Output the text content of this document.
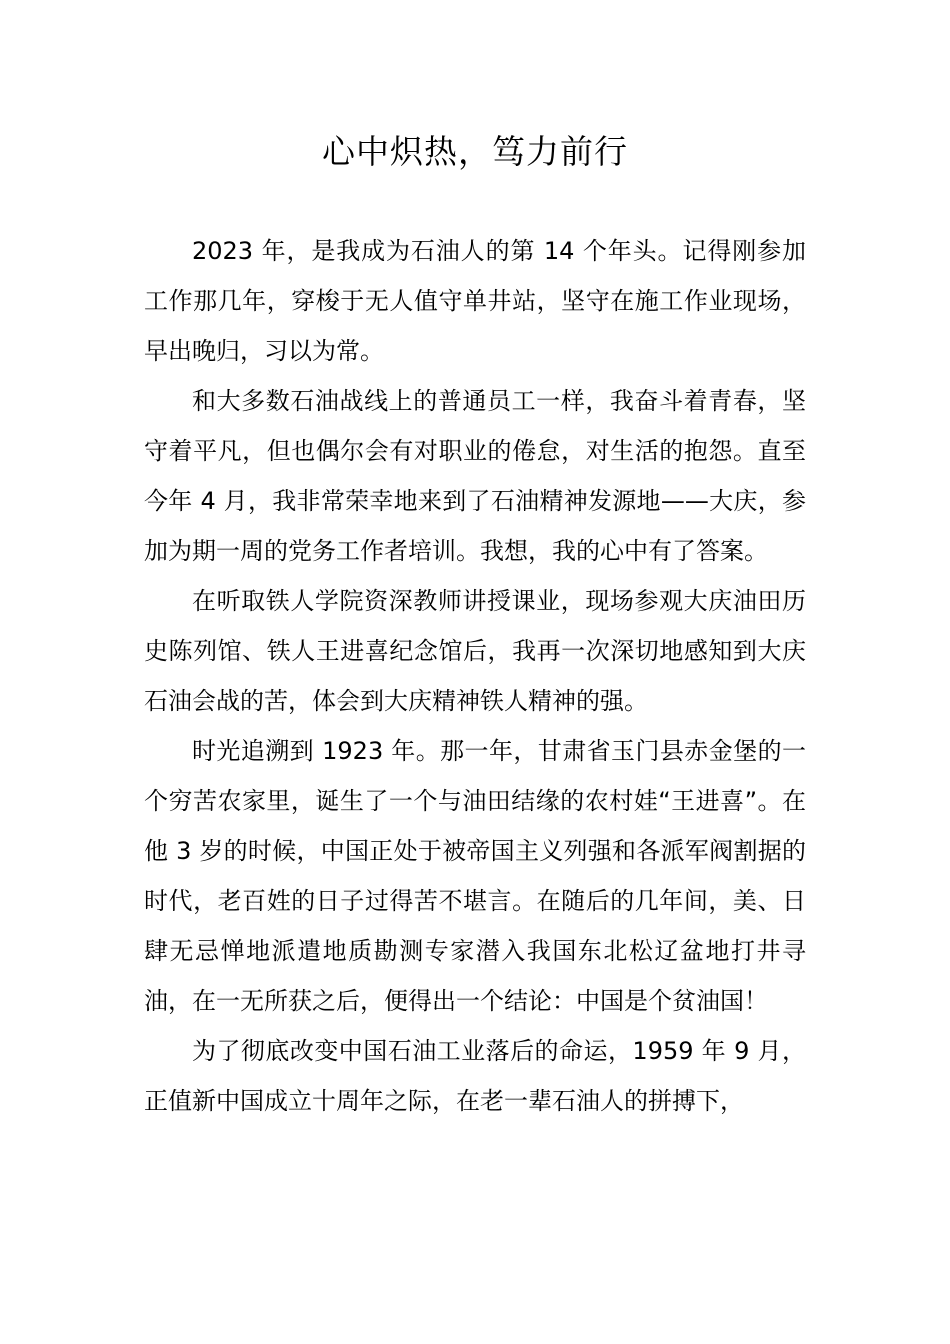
心中炽热，笃力前行

2023 年，是我成为石油人的第 14 个年头。记得刚参加工作那几年，穿梭于无人值守单井站，坚守在施工作业现场，早出晚归，习以为常。

和大多数石油战线上的普通员工一样，我奋斗着青春，坚守着平凡，但也偶尔会有对职业的倦怠，对生活的抱怨。直至今年 4 月，我非常荣幸地来到了石油精神发源地——大庆，参加为期一周的党务工作者培训。我想，我的心中有了答案。

在听取铁人学院资深教师讲授课业，现场参观大庆油田历史陈列馆、铁人王进喜纪念馆后，我再一次深切地感知到大庆石油会战的苦，体会到大庆精神铁人精神的强。

时光追溯到 1923 年。那一年，甘肃省玉门县赤金堡的一个穷苦农家里，诞生了一个与油田结缘的农村娃“王进喜”。在他 3 岁的时候，中国正处于被帝国主义列强和各派军阀割据的时代，老百姓的日子过得苦不堪言。在随后的几年间，美、日肆无忌惮地派遣地质勘测专家潜入我国东北松辽盆地打井寻油，在一无所获之后，便得出一个结论：中国是个贫油国！

为了彻底改变中国石油工业落后的命运，1959 年 9 月，正值新中国成立十周年之际，在老一辈石油人的拼搏下，
